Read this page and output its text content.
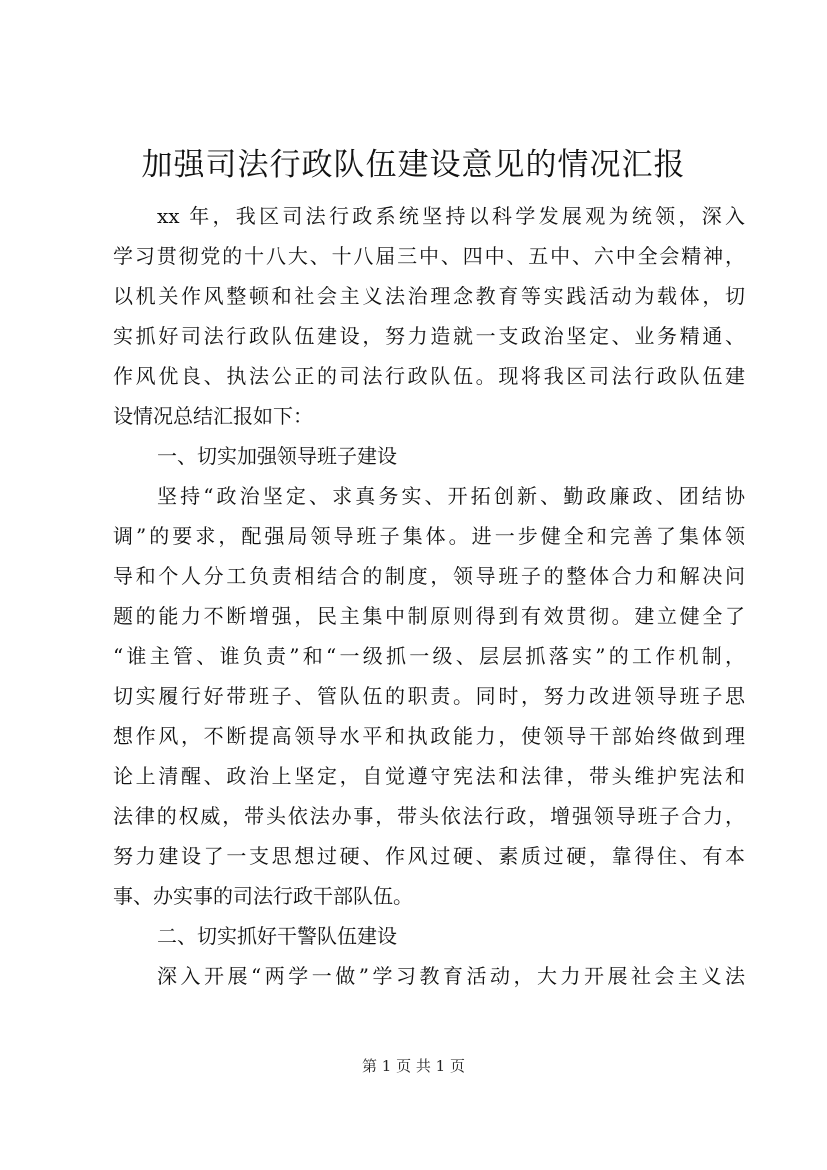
加强司法行政队伍建设意见的情况汇报
xx 年，我区司法行政系统坚持以科学发展观为统领，深入
学习贯彻党的十八大、十八届三中、四中、五中、六中全会精神，
以机关作风整顿和社会主义法治理念教育等实践活动为载体，切
实抓好司法行政队伍建设，努力造就一支政治坚定、业务精通、
作风优良、执法公正的司法行政队伍。现将我区司法行政队伍建
设情况总结汇报如下：
一、切实加强领导班子建设
坚持“政治坚定、求真务实、开拓创新、勤政廉政、团结协
调”的要求，配强局领导班子集体。进一步健全和完善了集体领
导和个人分工负责相结合的制度，领导班子的整体合力和解决问
题的能力不断增强，民主集中制原则得到有效贯彻。建立健全了
“谁主管、谁负责”和“一级抓一级、层层抓落实”的工作机制，
切实履行好带班子、管队伍的职责。同时，努力改进领导班子思
想作风，不断提高领导水平和执政能力，使领导干部始终做到理
论上清醒、政治上坚定，自觉遵守宪法和法律，带头维护宪法和
法律的权威，带头依法办事，带头依法行政，增强领导班子合力，
努力建设了一支思想过硬、作风过硬、素质过硬，靠得住、有本
事、办实事的司法行政干部队伍。
二、切实抓好干警队伍建设
深入开展“两学一做”学习教育活动，大力开展社会主义法
第 1 页 共 1 页
